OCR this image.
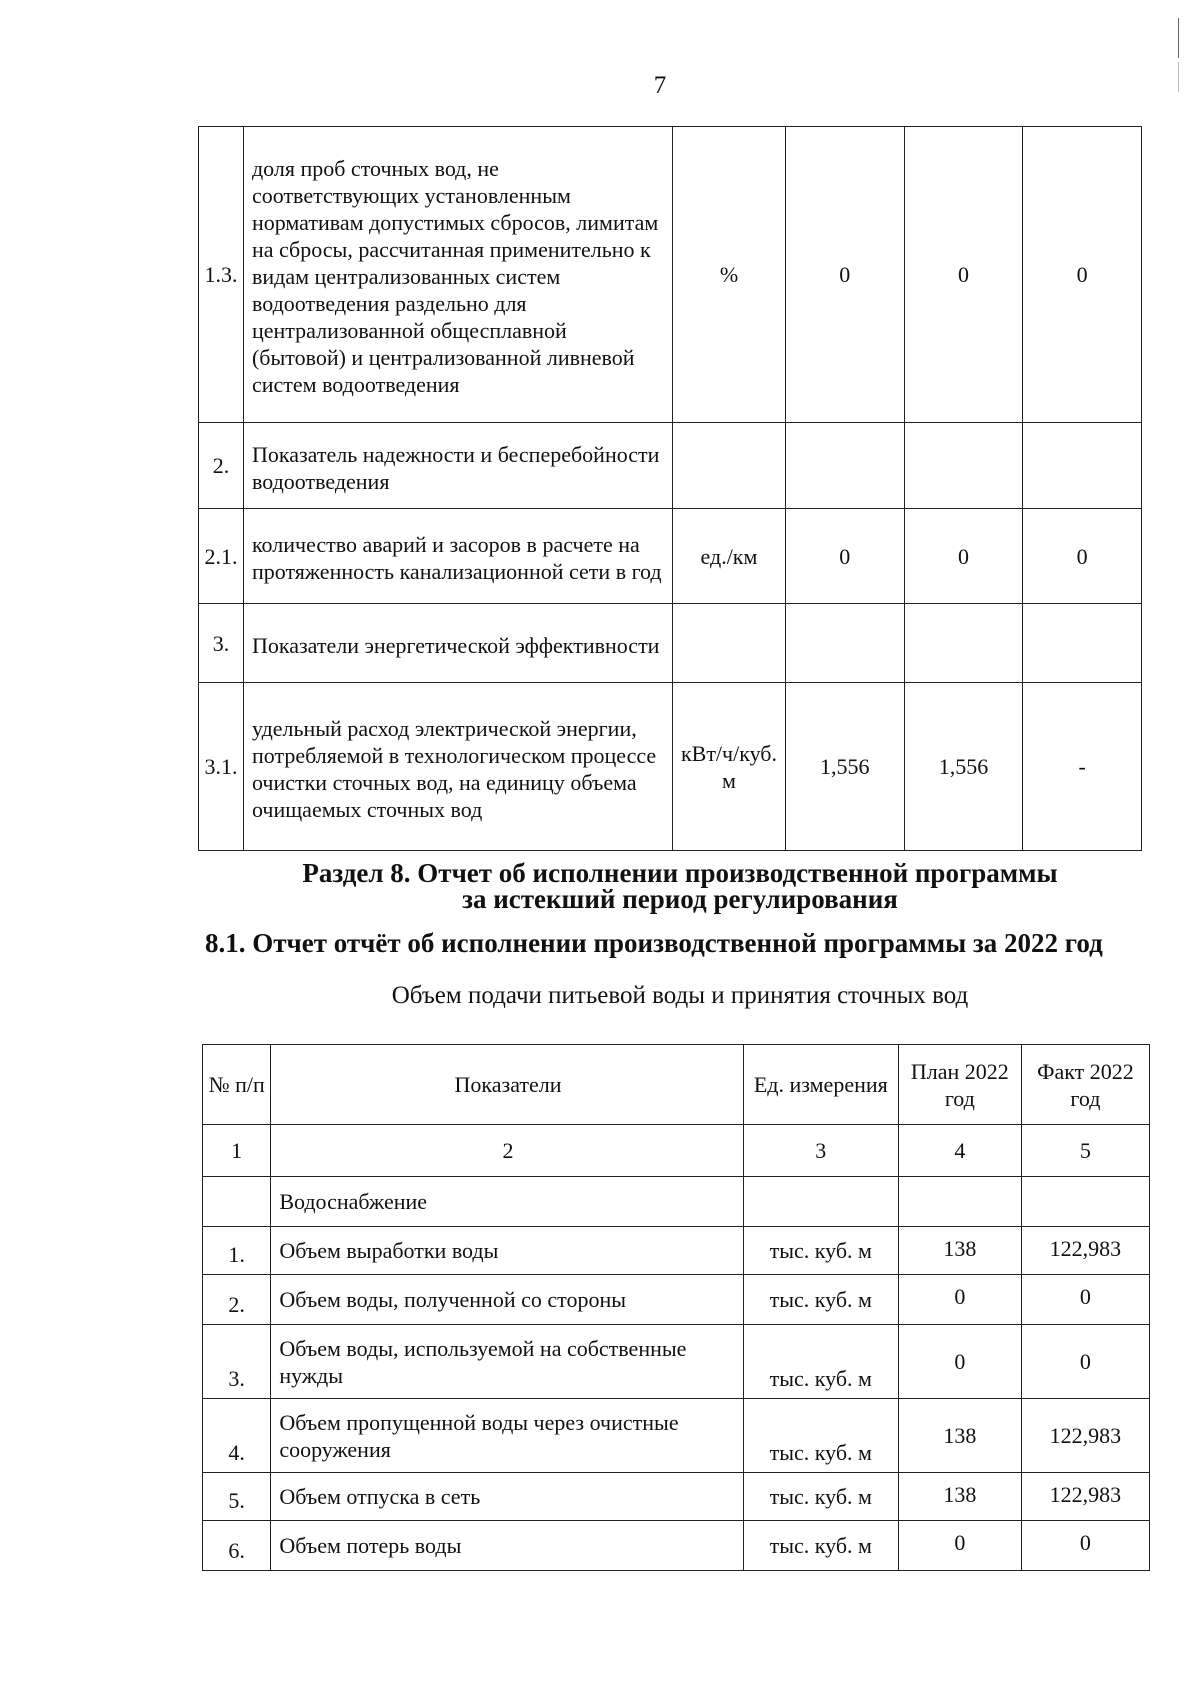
7
1.3.	доля проб сточных вод, не соответствующих установленным нормативам допустимых сбросов, лимитам на сбросы, рассчитанная применительно к видам централизованных систем водоотведения раздельно для централизованной общесплавной (бытовой) и централизованной ливневой систем водоотведения	%	0	0	0
2.	Показатель надежности и бесперебойности водоотведения				
2.1.	количество аварий и засоров в расчете на протяженность канализационной сети в год	ед./км	0	0	0
3.	Показатели энергетической эффективности				
3.1.	удельный расход электрической энергии, потребляемой в технологическом процессе очистки сточных вод, на единицу объема очищаемых сточных вод	кВт/ч/куб. м	1,556	1,556	-
Раздел 8. Отчет об исполнении производственной программы
за истекший период регулирования
8.1. Отчет отчёт об исполнении производственной программы за 2022 год
Объем подачи питьевой воды и принятия сточных вод
№ п/п	Показатели	Ед. измерения	План 2022 год	Факт 2022 год
1	2	3	4	5
	Водоснабжение			
1.	Объем выработки воды	тыс. куб. м	138	122,983
2.	Объем воды, полученной со стороны	тыс. куб. м	0	0
3.	Объем воды, используемой на собственные нужды	тыс. куб. м	0	0
4.	Объем пропущенной воды через очистные сооружения	тыс. куб. м	138	122,983
5.	Объем отпуска в сеть	тыс. куб. м	138	122,983
6.	Объем потерь воды	тыс. куб. м	0	0
